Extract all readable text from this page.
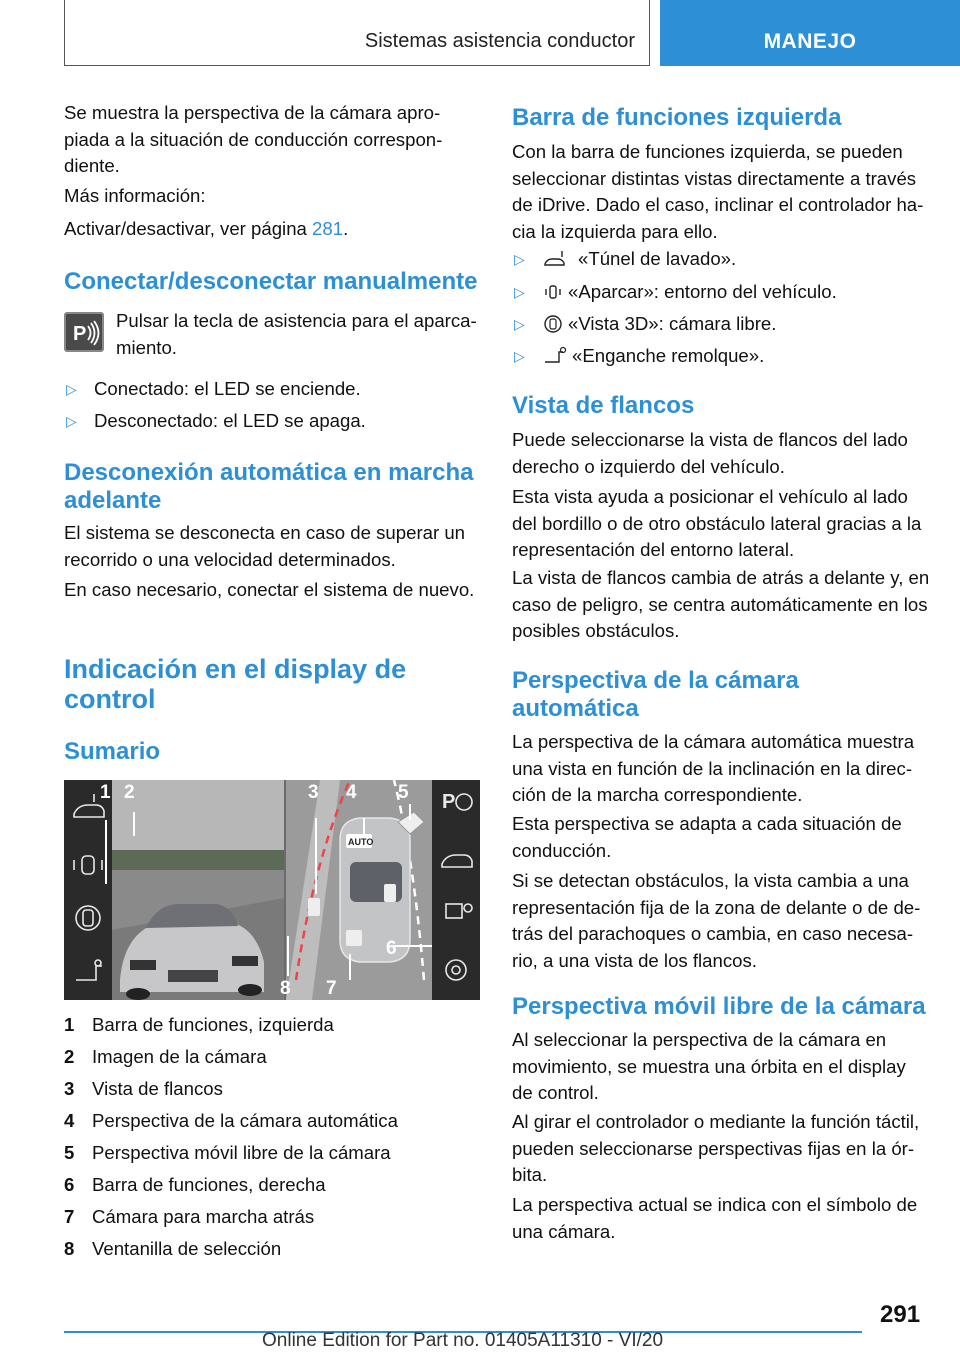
Sistemas asistencia conductor	MANEJO

Se muestra la perspectiva de la cámara apro-piada a la situación de conducción correspon-diente.

Más información:

Activar/desactivar, ver página 281.

Conectar/desconectar manualmente
P

Pulsar la tecla de asistencia para el aparca-miento.

▷ Conectado: el LED se enciende.
▷ Desconectado: el LED se apaga.
Desconexión automática en marcha adelante

El sistema se desconecta en caso de superar un recorrido o una velocidad determinados.

En caso necesario, conectar el sistema de nuevo.

Indicación en el display de control
Sumario
AUTO
P
1 2	3 4 5
6
7
8
1 Barra de funciones, izquierda
2 Imagen de la cámara
3 Vista de flancos
4 Perspectiva de la cámara automática
5 Perspectiva móvil libre de la cámara
6 Barra de funciones, derecha
7 Cámara para marcha atrás
8 Ventanilla de selección
Barra de funciones izquierda

Con la barra de funciones izquierda, se pueden seleccionar distintas vistas directamente a través de iDrive. Dado el caso, inclinar el controlador ha-cia la izquierda para ello.

▷	«Túnel de lavado».
▷ «Aparcar»: entorno del vehículo.
▷ «Vista 3D»: cámara libre.
▷	«Enganche remolque».
Vista de flancos

Puede seleccionarse la vista de flancos del lado derecho o izquierdo del vehículo.

Esta vista ayuda a posicionar el vehículo al lado del bordillo o de otro obstáculo lateral gracias a la representación del entorno lateral.

La vista de flancos cambia de atrás a delante y, en caso de peligro, se centra automáticamente en los posibles obstáculos.

Perspectiva de la cámara automática

La perspectiva de la cámara automática muestra una vista en función de la inclinación en la direc-ción de la marcha correspondiente.

Esta perspectiva se adapta a cada situación de conducción.

Si se detectan obstáculos, la vista cambia a una representación fija de la zona de delante o de de-trás del parachoques o cambia, en caso necesa-rio, a una vista de los flancos.

Perspectiva móvil libre de la cámara

Al seleccionar la perspectiva de la cámara en movimiento, se muestra una órbita en el display de control.

Al girar el controlador o mediante la función táctil, pueden seleccionarse perspectivas fijas en la ór-bita.

La perspectiva actual se indica con el símbolo de una cámara.

291
Online Edition for Part no. 01405A11310 - VI/20
